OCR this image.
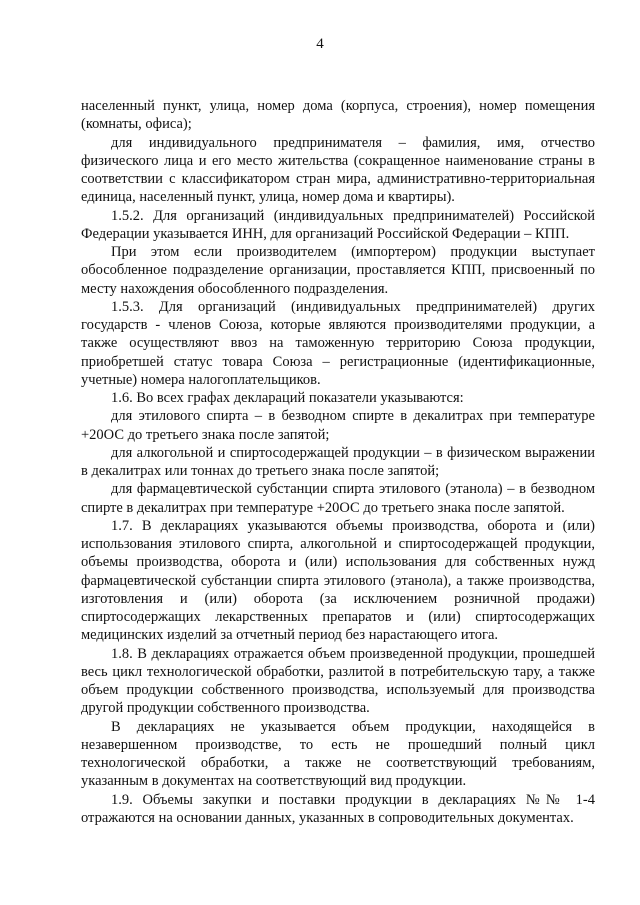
4

населенный пункт, улица, номер дома (корпуса, строения), номер помещения (комнаты, офиса);

для индивидуального предпринимателя – фамилия, имя, отчество физического лица и его место жительства (сокращенное наименование страны в соответствии с классификатором стран мира, административно-территориальная единица, населенный пункт, улица, номер дома и квартиры).

1.5.2. Для организаций (индивидуальных предпринимателей) Российской Федерации указывается ИНН, для организаций Российской Федерации – КПП.

При этом если производителем (импортером) продукции выступает обособленное подразделение организации, проставляется КПП, присвоенный по месту нахождения обособленного подразделения.

1.5.3. Для организаций (индивидуальных предпринимателей) других государств - членов Союза, которые являются производителями продукции, а также осуществляют ввоз на таможенную территорию Союза продукции, приобретшей статус товара Союза – регистрационные (идентификационные, учетные) номера налогоплательщиков.

1.6. Во всех графах деклараций показатели указываются:

для этилового спирта – в безводном спирте в декалитрах при температуре +20ОС до третьего знака после запятой;

для алкогольной и спиртосодержащей продукции – в физическом выражении в декалитрах или тоннах до третьего знака после запятой;

для фармацевтической субстанции спирта этилового (этанола) – в безводном спирте в декалитрах при температуре +20ОС до третьего знака после запятой.

1.7. В декларациях указываются объемы производства, оборота и (или) использования этилового спирта, алкогольной и спиртосодержащей продукции, объемы производства, оборота и (или) использования для собственных нужд фармацевтической субстанции спирта этилового (этанола), а также производства, изготовления и (или) оборота (за исключением розничной продажи) спиртосодержащих лекарственных препаратов и (или) спиртосодержащих медицинских изделий за отчетный период без нарастающего итога.

1.8. В декларациях отражается объем произведенной продукции, прошедшей весь цикл технологической обработки, разлитой в потребительскую тару, а также объем продукции собственного производства, используемый для производства другой продукции собственного производства.

В декларациях не указывается объем продукции, находящейся в незавершенном производстве, то есть не прошедший полный цикл технологической обработки, а также не соответствующий требованиям, указанным в документах на соответствующий вид продукции.

1.9. Объемы закупки и поставки продукции в декларациях №№ 1-4 отражаются на основании данных, указанных в сопроводительных документах.
